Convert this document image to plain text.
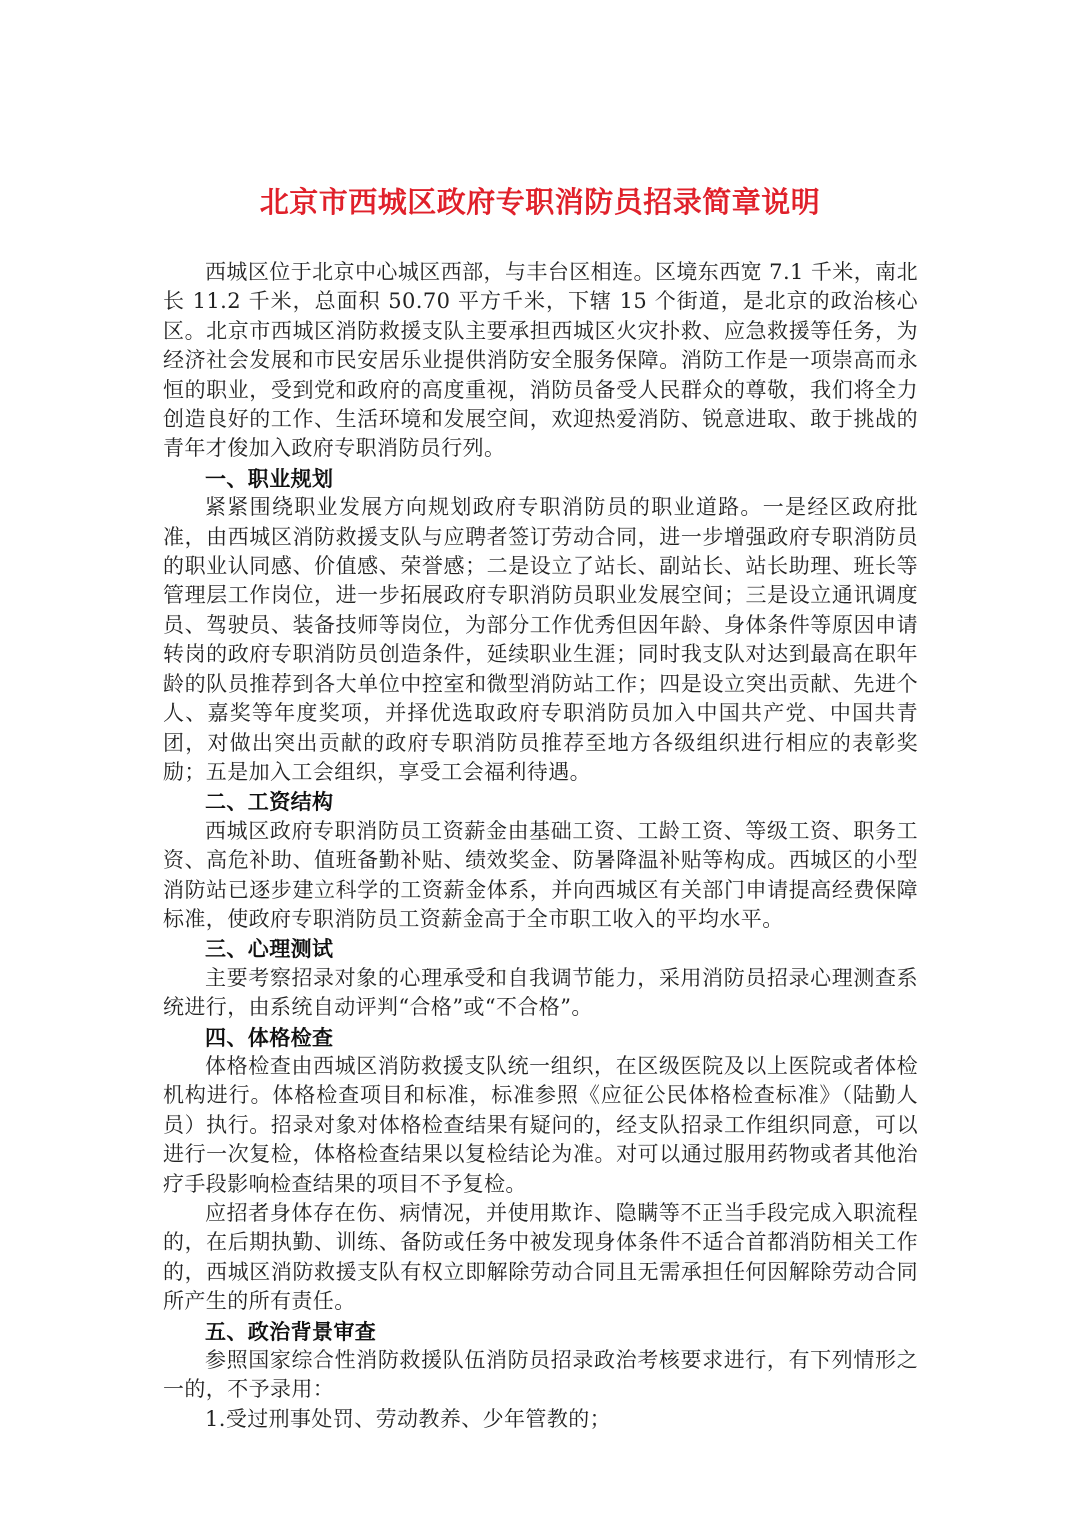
北京市西城区政府专职消防员招录简章说明

西城区位于北京中心城区西部，与丰台区相连。区境东西宽 7.1 千米，南北长 11.2 千米，总面积 50.70 平方千米，下辖 15 个街道，是北京的政治核心区。北京市西城区消防救援支队主要承担西城区火灾扑救、应急救援等任务，为经济社会发展和市民安居乐业提供消防安全服务保障。消防工作是一项崇高而永恒的职业，受到党和政府的高度重视，消防员备受人民群众的尊敬，我们将全力创造良好的工作、生活环境和发展空间，欢迎热爱消防、锐意进取、敢于挑战的青年才俊加入政府专职消防员行列。

一、职业规划

紧紧围绕职业发展方向规划政府专职消防员的职业道路。一是经区政府批准，由西城区消防救援支队与应聘者签订劳动合同，进一步增强政府专职消防员的职业认同感、价值感、荣誉感；二是设立了站长、副站长、站长助理、班长等管理层工作岗位，进一步拓展政府专职消防员职业发展空间；三是设立通讯调度员、驾驶员、装备技师等岗位，为部分工作优秀但因年龄、身体条件等原因申请转岗的政府专职消防员创造条件，延续职业生涯；同时我支队对达到最高在职年龄的队员推荐到各大单位中控室和微型消防站工作；四是设立突出贡献、先进个人、嘉奖等年度奖项，并择优选取政府专职消防员加入中国共产党、中国共青团，对做出突出贡献的政府专职消防员推荐至地方各级组织进行相应的表彰奖励；五是加入工会组织，享受工会福利待遇。

二、工资结构

西城区政府专职消防员工资薪金由基础工资、工龄工资、等级工资、职务工资、高危补助、值班备勤补贴、绩效奖金、防暑降温补贴等构成。西城区的小型消防站已逐步建立科学的工资薪金体系，并向西城区有关部门申请提高经费保障标准，使政府专职消防员工资薪金高于全市职工收入的平均水平。

三、心理测试

主要考察招录对象的心理承受和自我调节能力，采用消防员招录心理测查系统进行，由系统自动评判“合格”或“不合格”。

四、体格检查

体格检查由西城区消防救援支队统一组织，在区级医院及以上医院或者体检机构进行。体格检查项目和标准，标准参照《应征公民体格检查标准》（陆勤人员）执行。招录对象对体格检查结果有疑问的，经支队招录工作组织同意，可以进行一次复检，体格检查结果以复检结论为准。对可以通过服用药物或者其他治疗手段影响检查结果的项目不予复检。

应招者身体存在伤、病情况，并使用欺诈、隐瞒等不正当手段完成入职流程的，在后期执勤、训练、备防或任务中被发现身体条件不适合首都消防相关工作的，西城区消防救援支队有权立即解除劳动合同且无需承担任何因解除劳动合同所产生的所有责任。

五、政治背景审查

参照国家综合性消防救援队伍消防员招录政治考核要求进行，有下列情形之一的，不予录用：

1.受过刑事处罚、劳动教养、少年管教的；
